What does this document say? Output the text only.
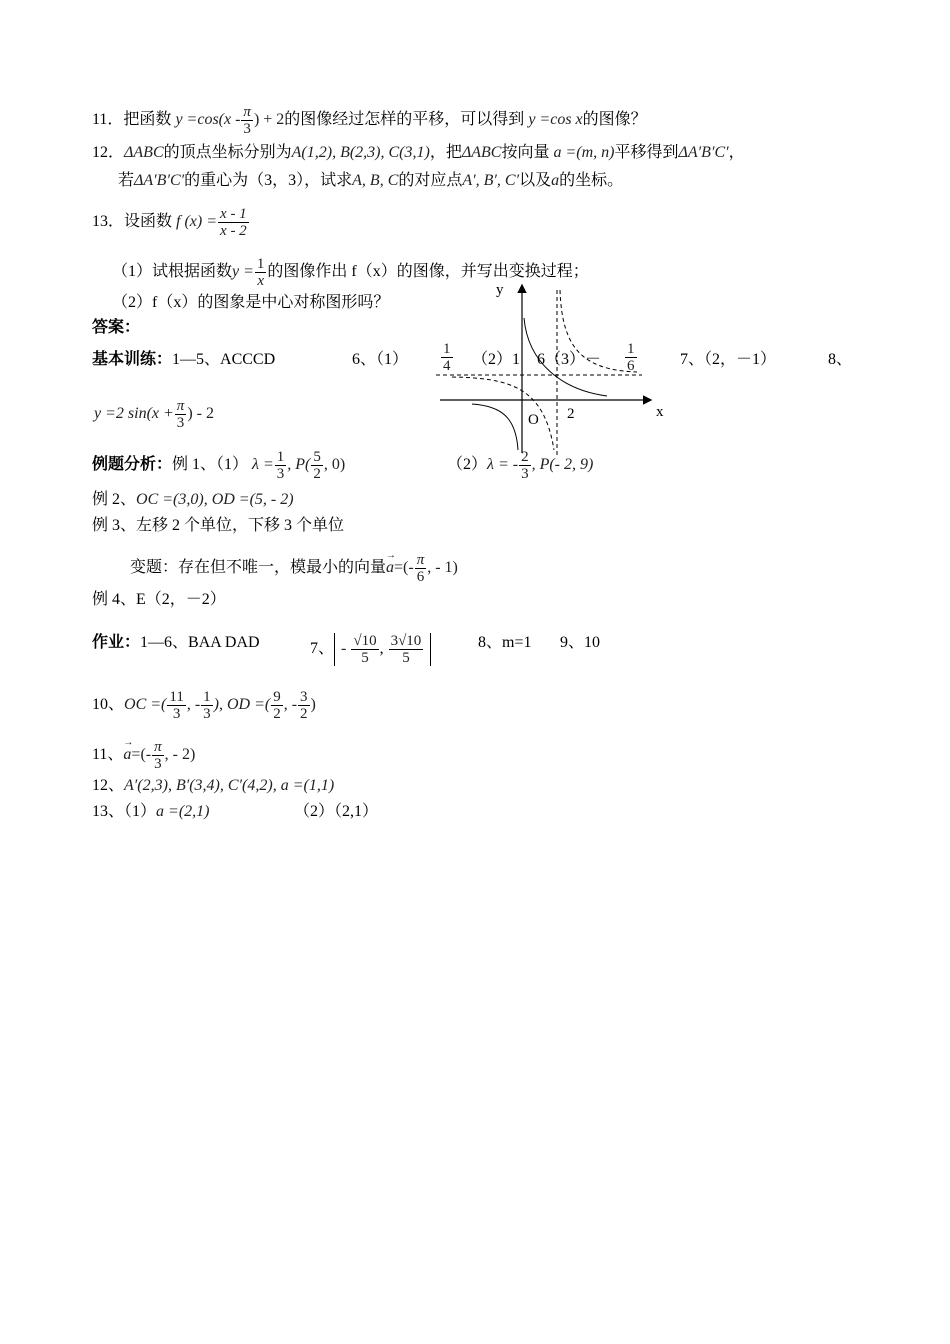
11．把函数 $y =\cos(x - \frac{\pi}{3}$ ) + 2的图像经过怎样的平移，可以得到 y =cos x的图像？
12．ΔABC的顶点坐标分别为A(1,2), B(2,3), C(3,1)，把ΔABC按向量 a =(m, n)平移得到ΔA′B′C′，
若ΔA′B′C′的重心为（3，3），试求A, B, C的对应点A′, B′, C′以及a的坐标。
13．设函数 f $(x) = \frac{x - 1}{x - 2}$
（1）试根据函数$y = \frac{1}{x}$ 的图像作出 f（x）的图像，并写出变换过程；
（2）f（x）的图象是中心对称图形吗？
答案：
y
x
O 2
基本训练：1—5、ACCCD	6、$(1) \frac{1}{4} (2)1$ $6(3)- \frac{1}{6}$	7、（2，－1）	8、
y =2 $\sin(x + \frac{\pi}{3}$ ) - 2
例题分析：例 1、（1） $\lambda = \frac{1}{3}$ , $P( \frac{5}{2}$ , 0)	（2）λ = - $\frac{2}{3}$ , P(- 2, 9)
例 2、OC =(3,0), OD =(5, - 2)
例 3、左移 2 个单位，下移 3 个单位
变题：存在但不唯一，模最小的向量→ $a=(- \frac{\pi}{6}$ , - 1)
例 4、E（2，－2）
作业：1—6、BAA DAD	7、 - $\frac{√10}{5}$ , $\frac{3√10}{5}$	8、m=1 9、10
10、OC =( $\frac{11}{3}$ , - $\frac{1}{3}$ ), OD =( $\frac{9}{2}$ , - $\frac{3}{2}$ )
11、→ $a=(- \frac{\pi}{3}$ , - 2)
12、A′(2,3), B′(3,4), C′(4,2), a =(1,1)
13、（1）a =(2,1)	（2）（2,1）
